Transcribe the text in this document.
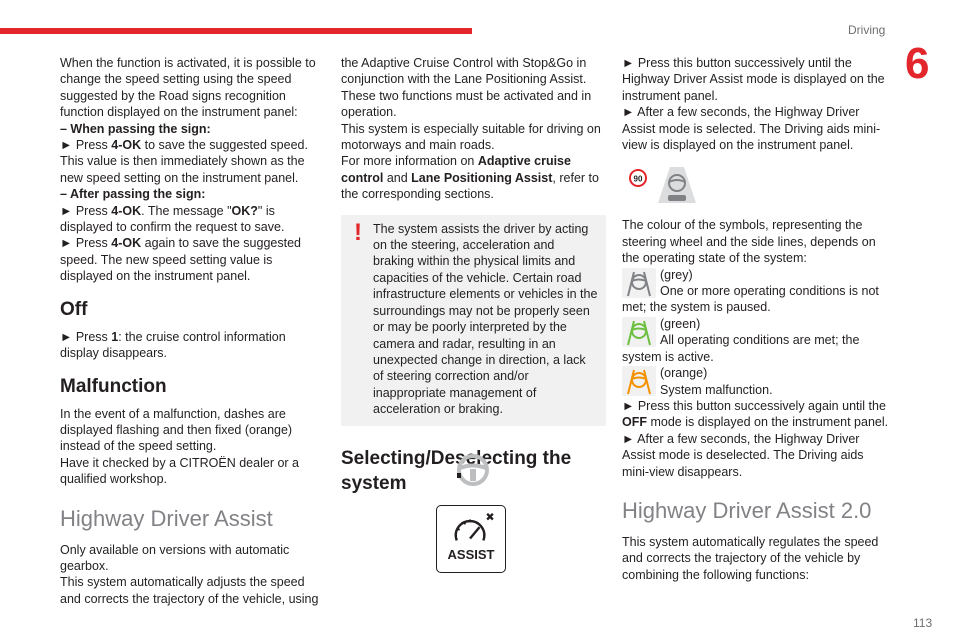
Driving
6
113

When the function is activated, it is possible to change the speed setting using the speed suggested by the Road signs recognition function displayed on the instrument panel:

– When passing the sign:

► Press 4-OK to save the suggested speed. This value is then immediately shown as the new speed setting on the instrument panel.

– After passing the sign:

► Press 4-OK. The message "OK?" is displayed to confirm the request to save.

► Press 4-OK again to save the suggested speed. The new speed setting value is displayed on the instrument panel.

Off

► Press 1: the cruise control information display disappears.

Malfunction

In the event of a malfunction, dashes are displayed flashing and then fixed (orange) instead of the speed setting.

Have it checked by a CITROËN dealer or a qualified workshop.

Highway Driver Assist

Only available on versions with automatic gearbox.

This system automatically adjusts the speed and corrects the trajectory of the vehicle, using

the Adaptive Cruise Control with Stop&Go in conjunction with the Lane Positioning Assist. These two functions must be activated and in operation.

This system is especially suitable for driving on motorways and main roads.

For more information on Adaptive cruise control and Lane Positioning Assist, refer to the corresponding sections.

! The system assists the driver by acting on the steering, acceleration and braking within the physical limits and capacities of the vehicle. Certain road infrastructure elements or vehicles in the surroundings may not be properly seen or may be poorly interpreted by the camera and radar, resulting in an unexpected change in direction, a lack of steering correction and/or inappropriate management of acceleration or braking.

Selecting/Deselecting the system
ASSIST

► Press this button successively until the Highway Driver Assist mode is displayed on the instrument panel.

► After a few seconds, the Highway Driver Assist mode is selected. The Driving aids mini-view is displayed on the instrument panel.

90

The colour of the symbols, representing the steering wheel and the side lines, depends on the operating state of the system:

(grey)

One or more operating conditions is not met; the system is paused.

(green)

All operating conditions are met; the system is active.

(orange)

System malfunction.

► Press this button successively again until the OFF mode is displayed on the instrument panel.

► After a few seconds, the Highway Driver Assist mode is deselected. The Driving aids mini-view disappears.

Highway Driver Assist 2.0

This system automatically regulates the speed and corrects the trajectory of the vehicle by combining the following functions:
